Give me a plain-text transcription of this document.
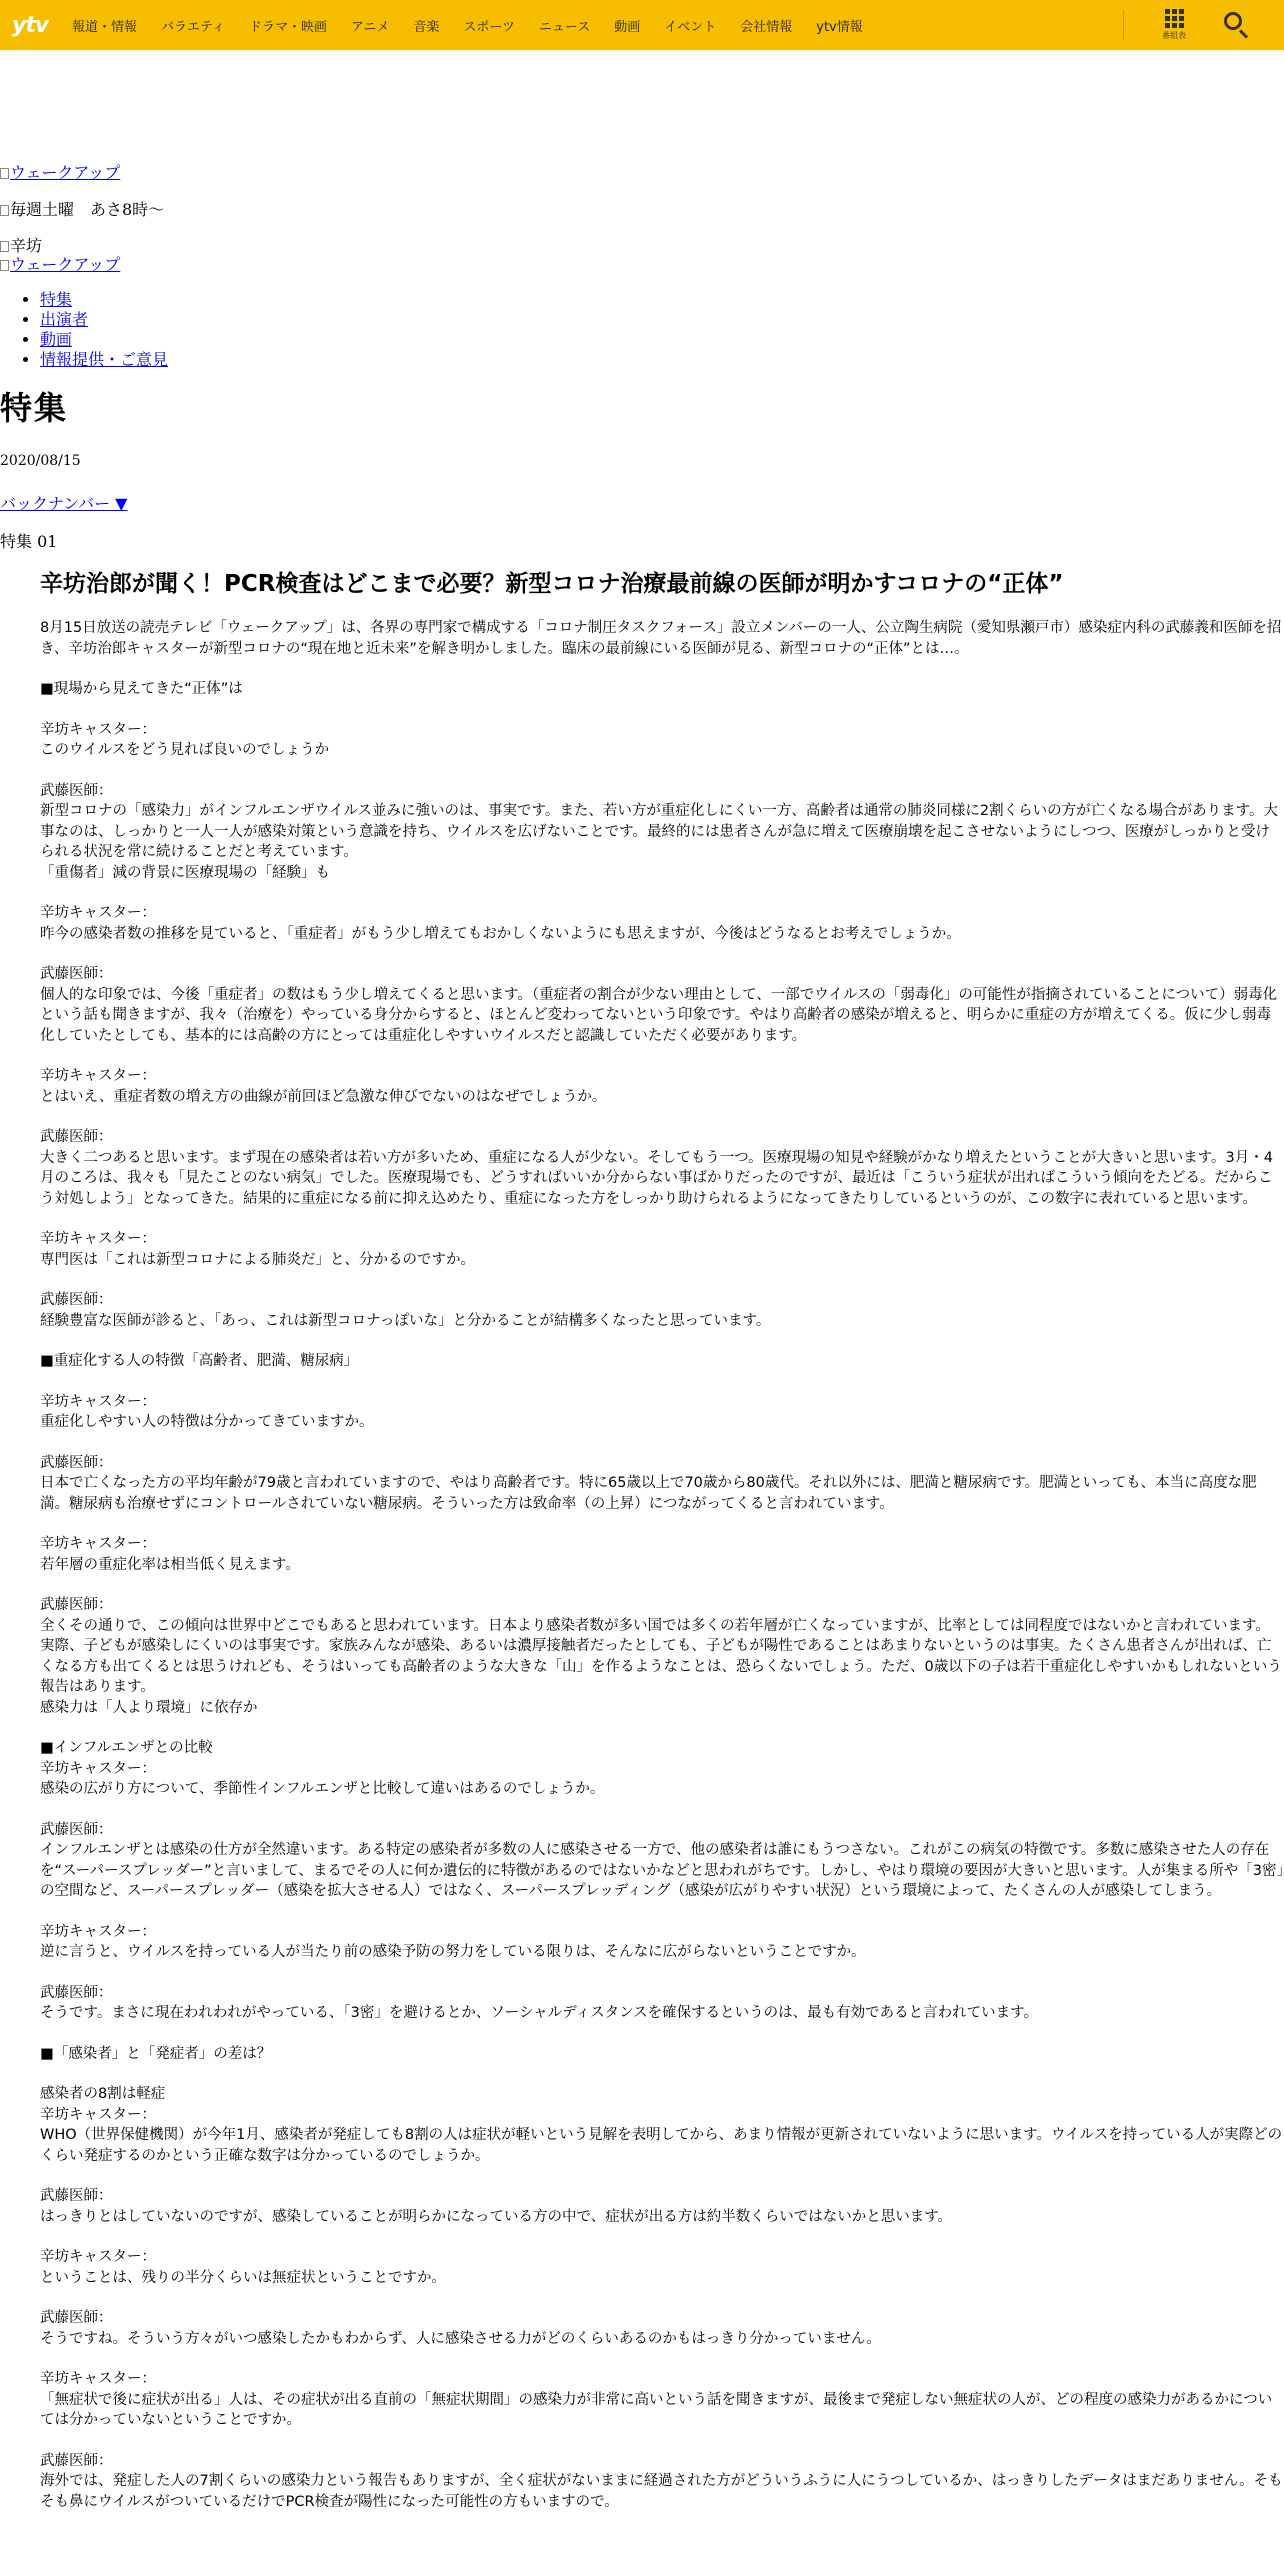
ytv	報道・情報 バラエティ ドラマ・映画 アニメ 音楽 スポーツ ニュース 動画 イベント 会社情報 ytv情報
番組表
ウェークアップ
毎週土曜　あさ8時〜
辛坊
ウェークアップ
• 特集
• 出演者
• 動画
• 情報提供・ご意見
特集
2020/08/15
バックナンバー ▼
特集 01
辛坊治郎が聞く！PCR検査はどこまで必要？新型コロナ治療最前線の医師が明かすコロナの“正体”

8月15日放送の読売テレビ「ウェークアップ」は、各界の専門家で構成する「コロナ制圧タスクフォース」設立メンバーの一人、公立陶生病院（愛知県瀬戸市）感染症内科の武藤義和医師を招き、辛坊治郎キャスターが新型コロナの“現在地と近未来”を解き明かしました。臨床の最前線にいる医師が見る、新型コロナの“正体”とは…。

■現場から見えてきた“正体”は

辛坊キャスター：
このウイルスをどう見れば良いのでしょうか

武藤医師：
新型コロナの「感染力」がインフルエンザウイルス並みに強いのは、事実です。また、若い方が重症化しにくい一方、高齢者は通常の肺炎同様に2割くらいの方が亡くなる場合があります。大事なのは、しっかりと一人一人が感染対策という意識を持ち、ウイルスを広げないことです。最終的には患者さんが急に増えて医療崩壊を起こさせないようにしつつ、医療がしっかりと受けられる状況を常に続けることだと考えています。
「重傷者」減の背景に医療現場の「経験」も

辛坊キャスター：
昨今の感染者数の推移を見ていると、「重症者」がもう少し増えてもおかしくないようにも思えますが、今後はどうなるとお考えでしょうか。

武藤医師：
個人的な印象では、今後「重症者」の数はもう少し増えてくると思います。（重症者の割合が少ない理由として、一部でウイルスの「弱毒化」の可能性が指摘されていることについて）弱毒化という話も聞きますが、我々（治療を）やっている身分からすると、ほとんど変わってないという印象です。やはり高齢者の感染が増えると、明らかに重症の方が増えてくる。仮に少し弱毒化していたとしても、基本的には高齢の方にとっては重症化しやすいウイルスだと認識していただく必要があります。

辛坊キャスター：
とはいえ、重症者数の増え方の曲線が前回ほど急激な伸びでないのはなぜでしょうか。

武藤医師：
大きく二つあると思います。まず現在の感染者は若い方が多いため、重症になる人が少ない。そしてもう一つ。医療現場の知見や経験がかなり増えたということが大きいと思います。3月・4月のころは、我々も「見たことのない病気」でした。医療現場でも、どうすればいいか分からない事ばかりだったのですが、最近は「こういう症状が出ればこういう傾向をたどる。だからこう対処しよう」となってきた。結果的に重症になる前に抑え込めたり、重症になった方をしっかり助けられるようになってきたりしているというのが、この数字に表れていると思います。

辛坊キャスター：
専門医は「これは新型コロナによる肺炎だ」と、分かるのですか。

武藤医師：
経験豊富な医師が診ると、「あっ、これは新型コロナっぽいな」と分かることが結構多くなったと思っています。

■重症化する人の特徴「高齢者、肥満、糖尿病」

辛坊キャスター：
重症化しやすい人の特徴は分かってきていますか。

武藤医師：
日本で亡くなった方の平均年齢が79歳と言われていますので、やはり高齢者です。特に65歳以上で70歳から80歳代。それ以外には、肥満と糖尿病です。肥満といっても、本当に高度な肥満。糖尿病も治療せずにコントロールされていない糖尿病。そういった方は致命率（の上昇）につながってくると言われています。

辛坊キャスター：
若年層の重症化率は相当低く見えます。

武藤医師：
全くその通りで、この傾向は世界中どこでもあると思われています。日本より感染者数が多い国では多くの若年層が亡くなっていますが、比率としては同程度ではないかと言われています。実際、子どもが感染しにくいのは事実です。家族みんなが感染、あるいは濃厚接触者だったとしても、子どもが陽性であることはあまりないというのは事実。たくさん患者さんが出れば、亡くなる方も出てくるとは思うけれども、そうはいっても高齢者のような大きな「山」を作るようなことは、恐らくないでしょう。ただ、0歳以下の子は若干重症化しやすいかもしれないという報告はあります。
感染力は「人より環境」に依存か

■インフルエンザとの比較
辛坊キャスター：
感染の広がり方について、季節性インフルエンザと比較して違いはあるのでしょうか。

武藤医師：
インフルエンザとは感染の仕方が全然違います。ある特定の感染者が多数の人に感染させる一方で、他の感染者は誰にもうつさない。これがこの病気の特徴です。多数に感染させた人の存在を“スーパースプレッダー”と言いまして、まるでその人に何か遺伝的に特徴があるのではないかなどと思われがちです。しかし、やはり環境の要因が大きいと思います。人が集まる所や「3密」の空間など、スーパースプレッダー（感染を拡大させる人）ではなく、スーパースプレッディング（感染が広がりやすい状況）という環境によって、たくさんの人が感染してしまう。

辛坊キャスター：
逆に言うと、ウイルスを持っている人が当たり前の感染予防の努力をしている限りは、そんなに広がらないということですか。

武藤医師：
そうです。まさに現在われわれがやっている、「3密」を避けるとか、ソーシャルディスタンスを確保するというのは、最も有効であると言われています。

■「感染者」と「発症者」の差は？

感染者の8割は軽症
辛坊キャスター：
WHO（世界保健機関）が今年1月、感染者が発症しても8割の人は症状が軽いという見解を表明してから、あまり情報が更新されていないように思います。ウイルスを持っている人が実際どのくらい発症するのかという正確な数字は分かっているのでしょうか。

武藤医師：
はっきりとはしていないのですが、感染していることが明らかになっている方の中で、症状が出る方は約半数くらいではないかと思います。

辛坊キャスター：
ということは、残りの半分くらいは無症状ということですか。

武藤医師：
そうですね。そういう方々がいつ感染したかもわからず、人に感染させる力がどのくらいあるのかもはっきり分かっていません。

辛坊キャスター：
「無症状で後に症状が出る」人は、その症状が出る直前の「無症状期間」の感染力が非常に高いという話を聞きますが、最後まで発症しない無症状の人が、どの程度の感染力があるかについては分かっていないということですか。

武藤医師：
海外では、発症した人の7割くらいの感染力という報告もありますが、全く症状がないままに経過された方がどういうふうに人にうつしているか、はっきりしたデータはまだありません。そもそも鼻にウイルスがついているだけでPCR検査が陽性になった可能性の方もいますので。
